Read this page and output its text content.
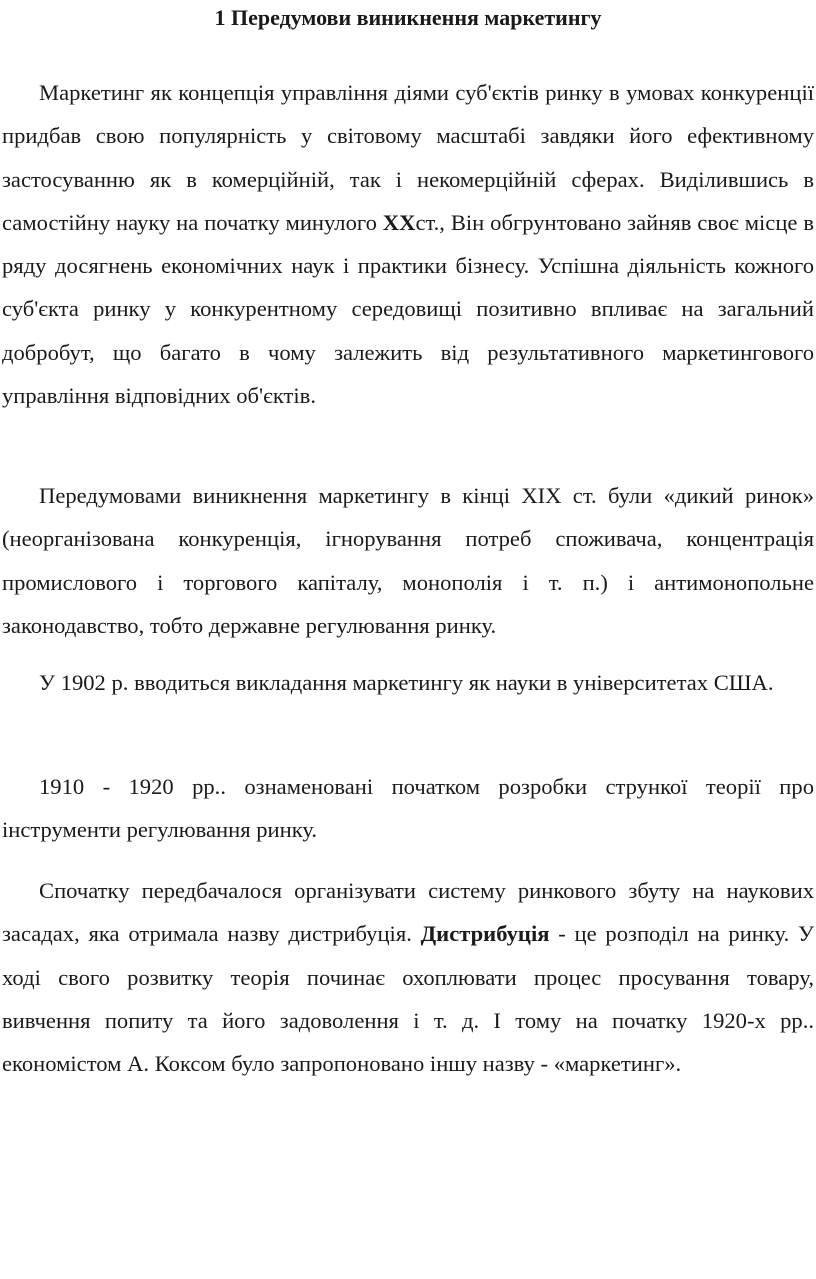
1 Передумови виникнення маркетингу

Маркетинг як концепція управління діями суб'єктів ринку в умовах конкуренції придбав свою популярність у світовому масштабі завдяки його ефективному застосуванню як в комерційній, так і некомерційній сферах. Виділившись в самостійну науку на початку минулого XXст., Він обгрунтовано зайняв своє місце в ряду досягнень економічних наук і практики бізнесу. Успішна діяльність кожного суб'єкта ринку у конкурентному середовищі позитивно впливає на загальний добробут, що багато в чому залежить від результативного маркетингового управління відповідних об'єктів.

Передумовами виникнення маркетингу в кінці XIX ст. були «дикий ринок» (неорганізована конкуренція, ігнорування потреб споживача, концентрація промислового і торгового капіталу, монополія і т. п.) і антимонопольне законодавство, тобто державне регулювання ринку.

У 1902 р. вводиться викладання маркетингу як науки в університетах США.

1910 - 1920 рр.. ознаменовані початком розробки стрункої теорії про інструменти регулювання ринку.

Спочатку передбачалося організувати систему ринкового збуту на наукових засадах, яка отримала назву дистрибуція. Дистрибуція - це розподіл на ринку. У ході свого розвитку теорія починає охоплювати процес просування товару, вивчення попиту та його задоволення і т. д. І тому на початку 1920-х рр.. економістом А. Коксом було запропоновано іншу назву - «маркетинг».
